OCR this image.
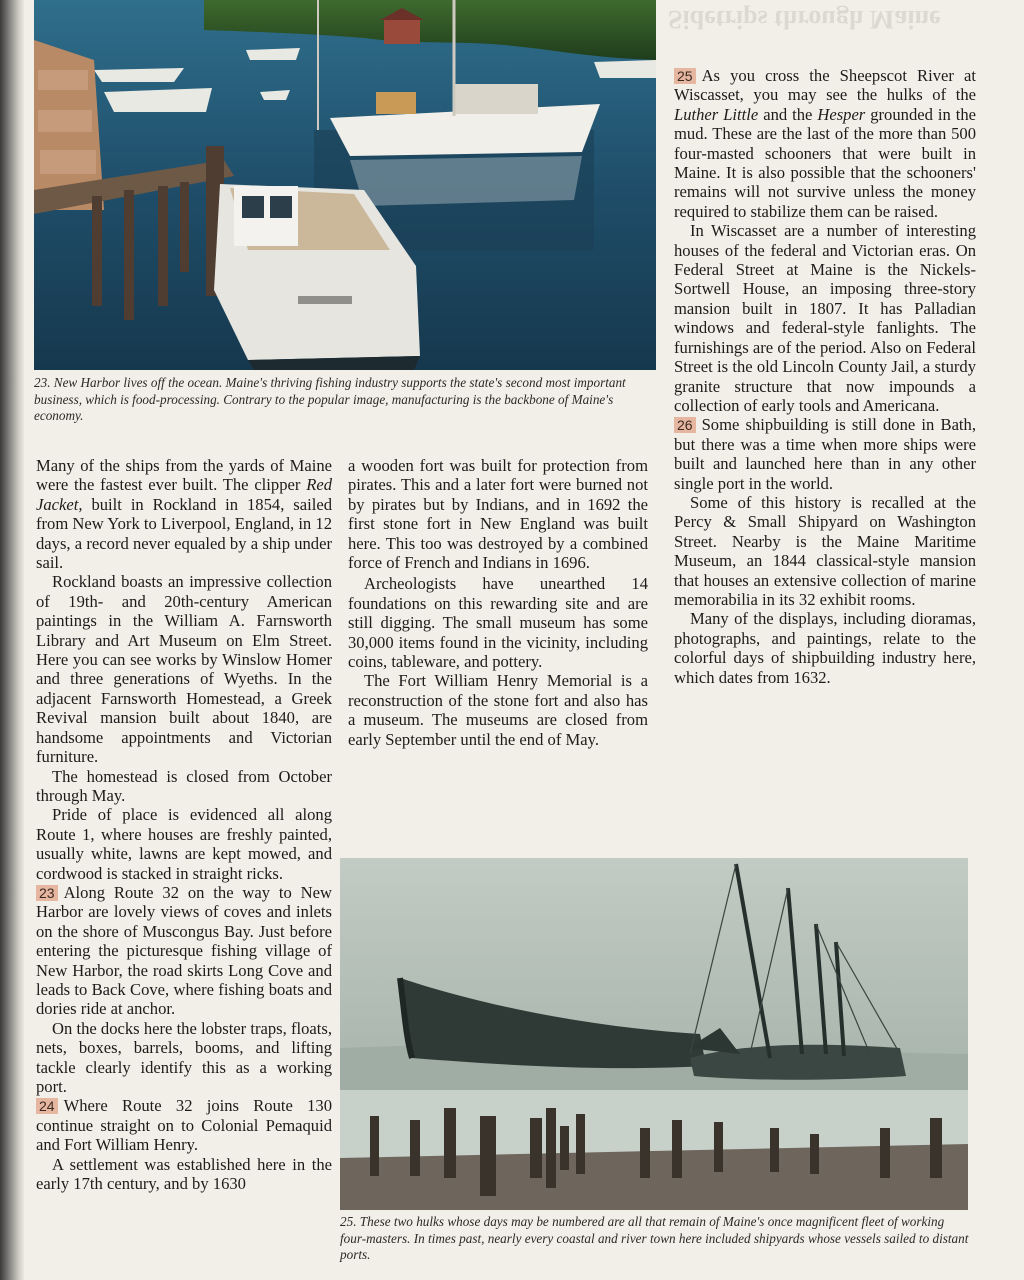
Sidetrips through Maine

23. New Harbor lives off the ocean. Maine's thriving fishing industry supports the state's second most important business, which is food-processing. Contrary to the popular image, manufacturing is the backbone of Maine's economy.

Many of the ships from the yards of Maine were the fastest ever built. The clipper Red Jacket, built in Rockland in 1854, sailed from New York to Liverpool, England, in 12 days, a record never equaled by a ship under sail.

Rockland boasts an impressive collection of 19th- and 20th-century American paintings in the William A. Farnsworth Library and Art Museum on Elm Street. Here you can see works by Winslow Homer and three generations of Wyeths. In the adjacent Farnsworth Homestead, a Greek Revival mansion built about 1840, are handsome appointments and Victorian furniture.

The homestead is closed from October through May.

Pride of place is evidenced all along Route 1, where houses are freshly painted, usually white, lawns are kept mowed, and cordwood is stacked in straight ricks.

23 Along Route 32 on the way to New Harbor are lovely views of coves and inlets on the shore of Muscongus Bay. Just before entering the picturesque fishing village of New Harbor, the road skirts Long Cove and leads to Back Cove, where fishing boats and dories ride at anchor.

On the docks here the lobster traps, floats, nets, boxes, barrels, booms, and lifting tackle clearly identify this as a working port.

24 Where Route 32 joins Route 130 continue straight on to Colonial Pemaquid and Fort William Henry.

A settlement was established here in the early 17th century, and by 1630

a wooden fort was built for protection from pirates. This and a later fort were burned not by pirates but by Indians, and in 1692 the first stone fort in New England was built here. This too was destroyed by a combined force of French and Indians in 1696.

Archeologists have unearthed 14 foundations on this rewarding site and are still digging. The small museum has some 30,000 items found in the vicinity, including coins, tableware, and pottery.

The Fort William Henry Memorial is a reconstruction of the stone fort and also has a museum. The museums are closed from early September until the end of May.

25 As you cross the Sheepscot River at Wiscasset, you may see the hulks of the Luther Little and the Hesper grounded in the mud. These are the last of the more than 500 four-masted schooners that were built in Maine. It is also possible that the schooners' remains will not survive unless the money required to stabilize them can be raised.

In Wiscasset are a number of interesting houses of the federal and Victorian eras. On Federal Street at Maine is the Nickels-Sortwell House, an imposing three-story mansion built in 1807. It has Palladian windows and federal-style fanlights. The furnishings are of the period. Also on Federal Street is the old Lincoln County Jail, a sturdy granite structure that now impounds a collection of early tools and Americana.

26 Some shipbuilding is still done in Bath, but there was a time when more ships were built and launched here than in any other single port in the world.

Some of this history is recalled at the Percy & Small Shipyard on Washington Street. Nearby is the Maine Maritime Museum, an 1844 classical-style mansion that houses an extensive collection of marine memorabilia in its 32 exhibit rooms.

Many of the displays, including dioramas, photographs, and paintings, relate to the colorful days of shipbuilding industry here, which dates from 1632.

25. These two hulks whose days may be numbered are all that remain of Maine's once magnificent fleet of working four-masters. In times past, nearly every coastal and river town here included shipyards whose vessels sailed to distant ports.
